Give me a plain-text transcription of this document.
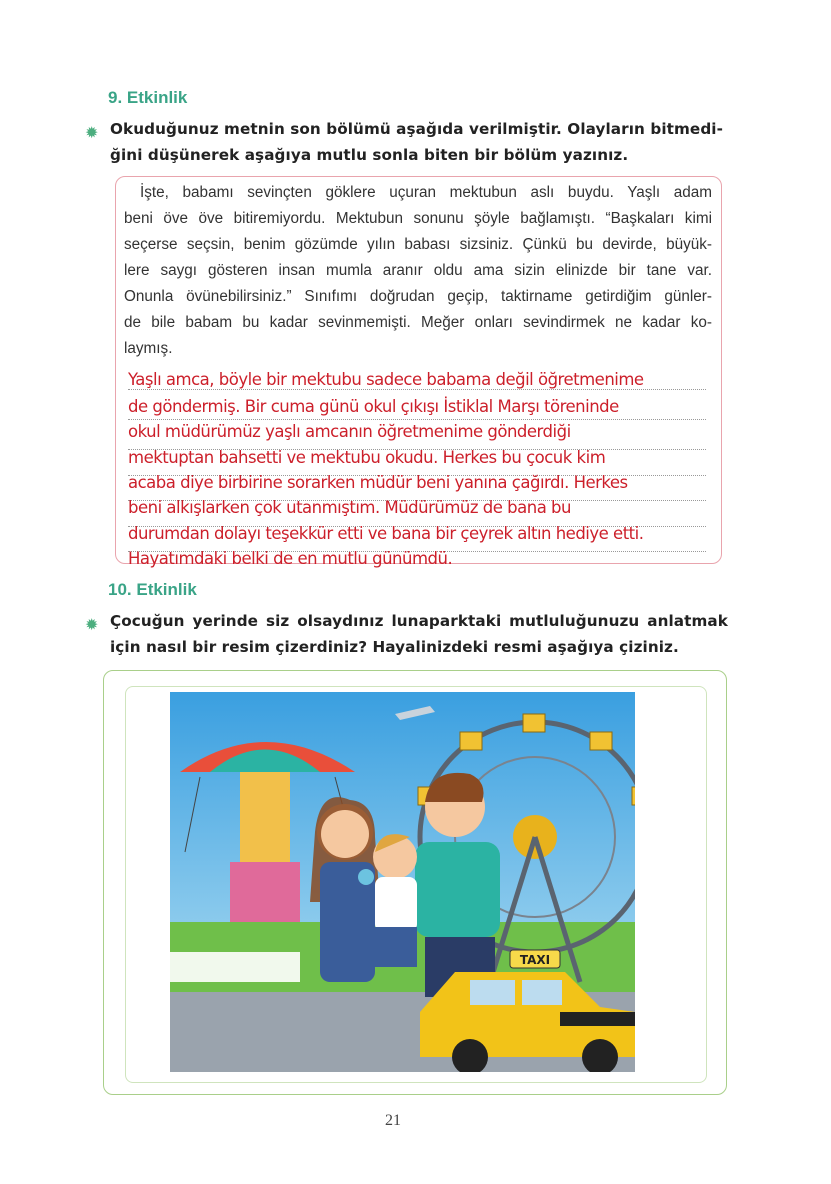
9. Etkinlik
✹ Okuduğunuz metnin son bölümü aşağıda verilmiştir. Olayların bitmedi-
ğini düşünerek aşağıya mutlu sonla biten bir bölüm yazınız.
İşte, babamı sevinçten göklere uçuran mektubun aslı buydu. Yaşlı adam
beni öve öve bitiremiyordu. Mektubun sonunu şöyle bağlamıştı. “Başkaları kimi
seçerse seçsin, benim gözümde yılın babası sizsiniz. Çünkü bu devirde, büyük-
lere saygı gösteren insan mumla aranır oldu ama sizin elinizde bir tane var.
Onunla övünebilirsiniz.” Sınıfımı doğrudan geçip, taktirname getirdiğim günler-
de bile babam bu kadar sevinmemişti. Meğer onları sevindirmek ne kadar ko-
laymış.
Yaşlı amca, böyle bir mektubu sadece babama değil öğretmenime
de göndermiş. Bir cuma günü okul çıkışı İstiklal Marşı töreninde
okul müdürümüz yaşlı amcanın öğretmenime gönderdiği
mektuptan bahsetti ve mektubu okudu. Herkes bu çocuk kim
acaba diye birbirine sorarken müdür beni yanına çağırdı. Herkes
beni alkışlarken çok utanmıştım. Müdürümüz de bana bu
durumdan dolayı teşekkür etti ve bana bir çeyrek altın hediye etti.
Hayatımdaki belki de en mutlu günümdü.
10. Etkinlik
✹ Çocuğun yerinde siz olsaydınız lunaparktaki mutluluğunuzu anlatmak
için nasıl bir resim çizerdiniz? Hayalinizdeki resmi aşağıya çiziniz.
TAXI
21
